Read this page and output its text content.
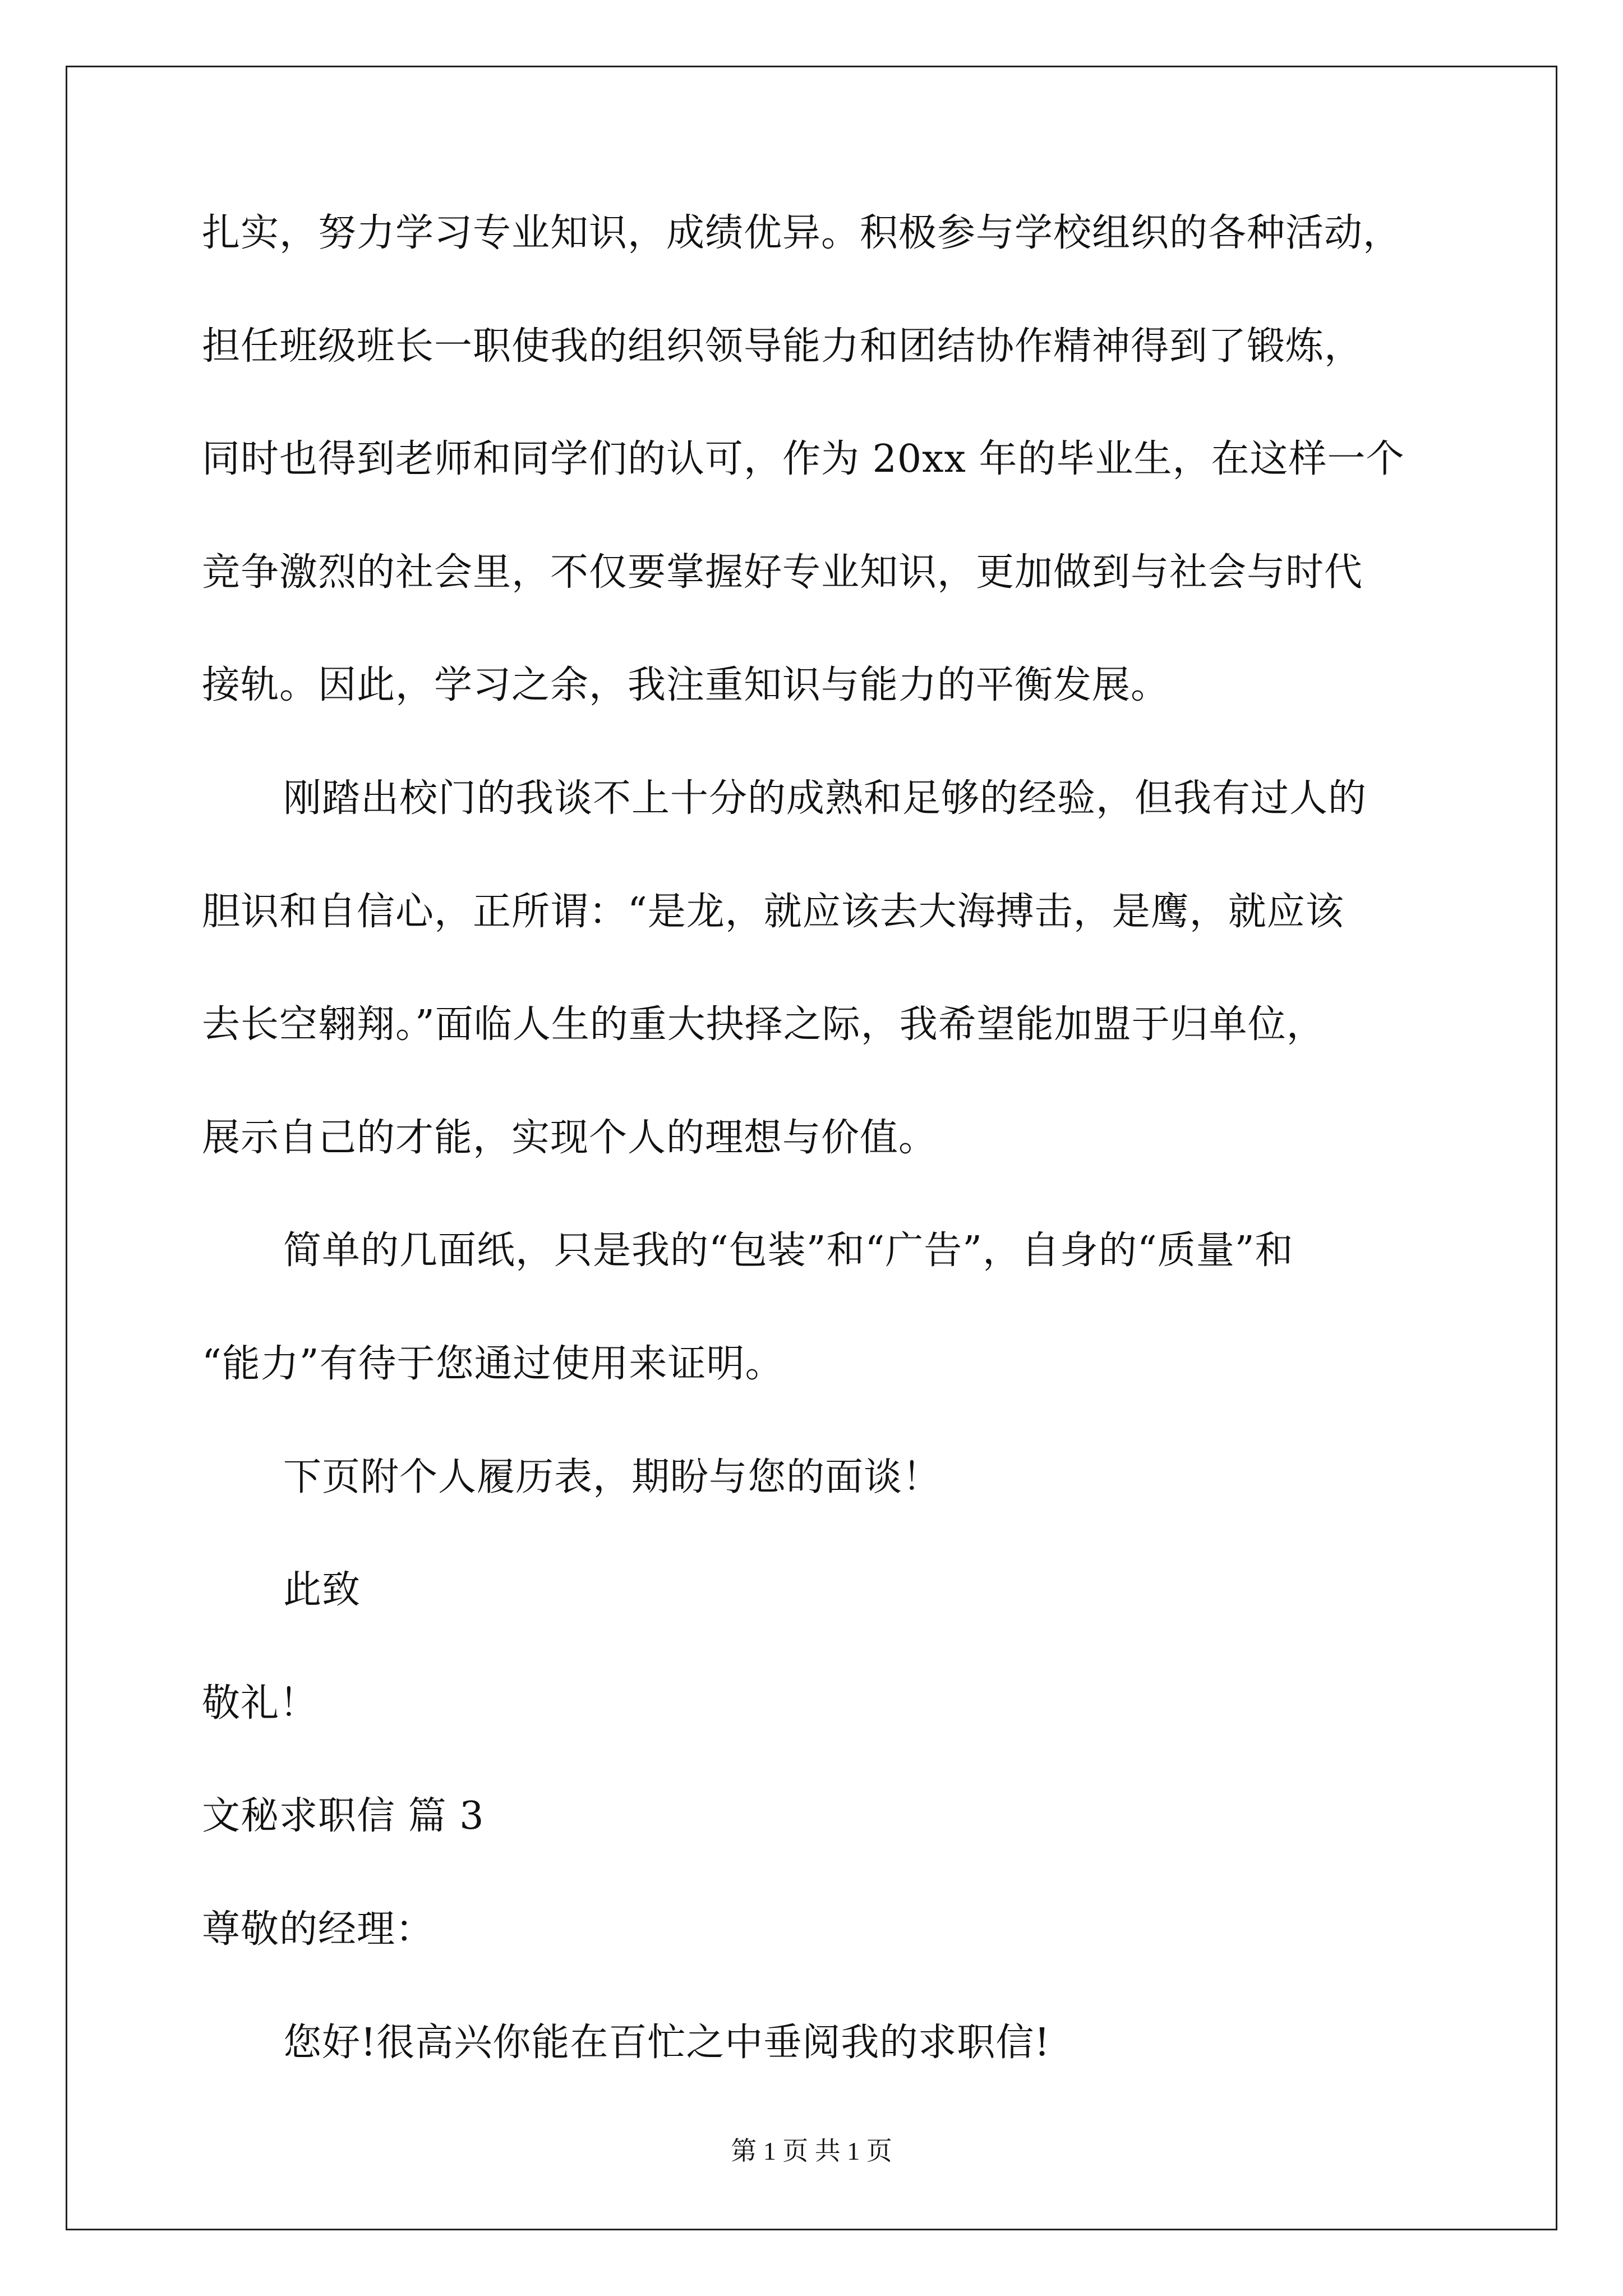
扎实，努力学习专业知识，成绩优异。积极参与学校组织的各种活动，
担任班级班长一职使我的组织领导能力和团结协作精神得到了锻炼，
同时也得到老师和同学们的认可，作为 20xx 年的毕业生，在这样一个
竞争激烈的社会里，不仅要掌握好专业知识，更加做到与社会与时代
接轨。因此，学习之余，我注重知识与能力的平衡发展。
刚踏出校门的我谈不上十分的成熟和足够的经验，但我有过人的
胆识和自信心，正所谓：“是龙，就应该去大海搏击，是鹰，就应该
去长空翱翔。”面临人生的重大抉择之际，我希望能加盟于归单位，
展示自己的才能，实现个人的理想与价值。
简单的几面纸，只是我的“包装”和“广告”，自身的“质量”和
“能力”有待于您通过使用来证明。
下页附个人履历表，期盼与您的面谈！
此致
敬礼！
文秘求职信 篇 3
尊敬的经理：
您好!很高兴你能在百忙之中垂阅我的求职信!
第 1 页 共 1 页
